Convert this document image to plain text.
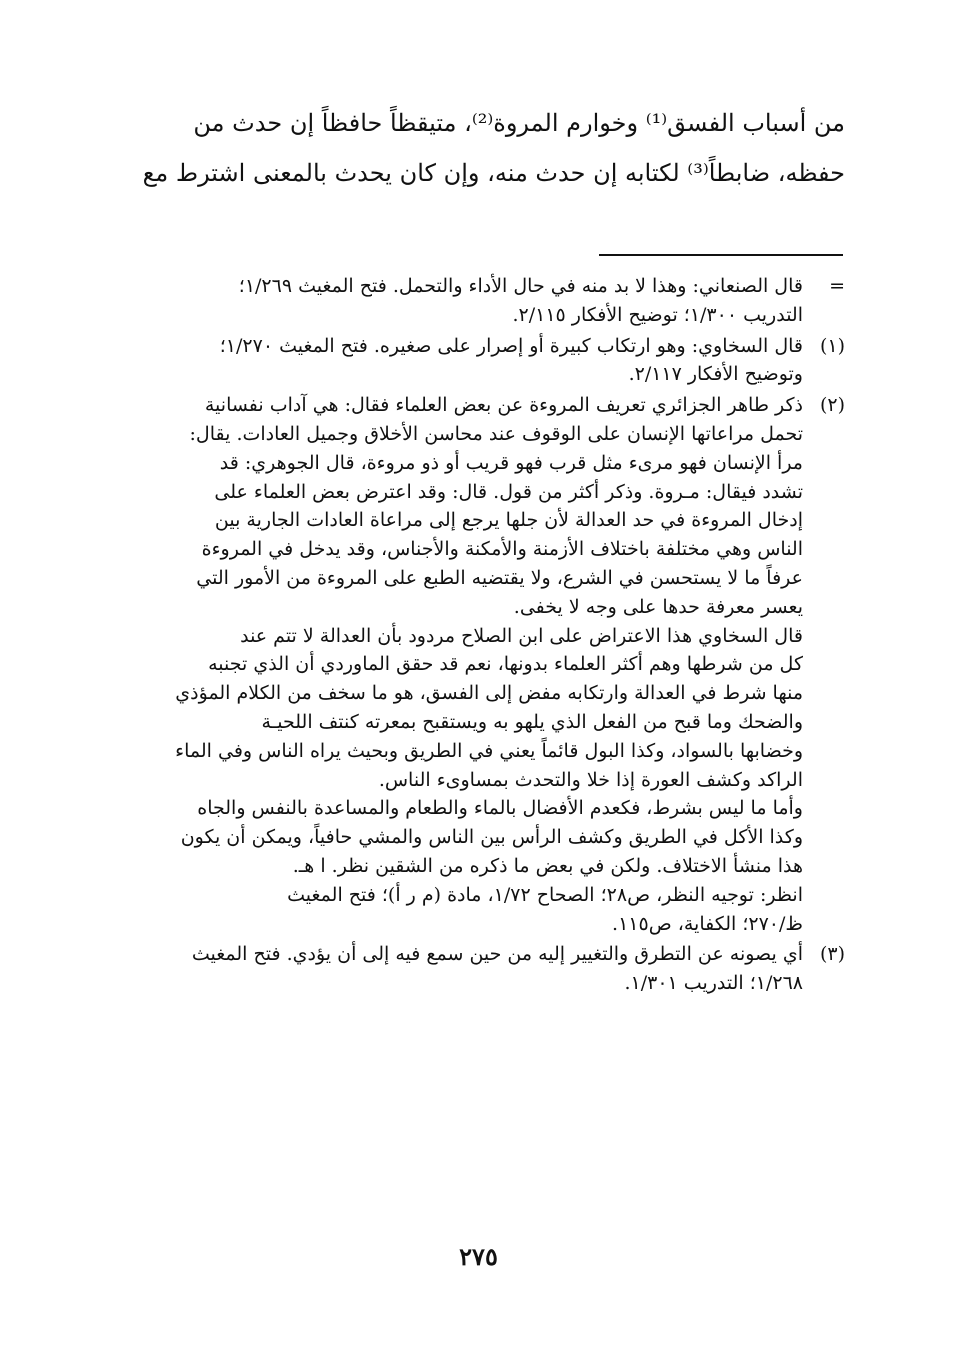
من أسباب الفسق⁽¹⁾ وخوارم المروة⁽²⁾، متيقظاً حافظاً إن حدث من
حفظه، ضابطاً⁽³⁾ لكتابه إن حدث منه، وإن كان يحدث بالمعنى اشترط مع
=
قال الصنعاني: وهذا لا بد منه في حال الأداء والتحمل. فتح المغيث ١/٢٦٩؛
التدريب ١/٣٠٠؛ توضيح الأفكار ٢/١١٥.
(١)
قال السخاوي: وهو ارتكاب كبيرة أو إصرار على صغيره. فتح المغيث ١/٢٧٠؛
وتوضيح الأفكار ٢/١١٧.
(٢)
ذكر طاهر الجزائري تعريف المروءة عن بعض العلماء فقال: هي آداب نفسانية
تحمل مراعاتها الإنسان على الوقوف عند محاسن الأخلاق وجميل العادات. يقال:
مرأ الإنسان فهو مرىء مثل قرب فهو قريب أو ذو مروءة، قال الجوهري: قد
تشدد فيقال: مـروة. وذكر أكثر من قول. قال: وقد اعترض بعض العلماء على
إدخال المروءة في حد العدالة لأن جلها يرجع إلى مراعاة العادات الجارية بين
الناس وهي مختلفة باختلاف الأزمنة والأمكنة والأجناس، وقد يدخل في المروءة
عرفاً ما لا يستحسن في الشرع، ولا يقتضيه الطبع على المروءة من الأمور التي
يعسر معرفة حدها على وجه لا يخفى.
قال السخاوي هذا الاعتراض على ابن الصلاح مردود بأن العدالة لا تتم عند
كل من شرطها وهم أكثر العلماء بدونها، نعم قد حقق الماوردي أن الذي تجنبه
منها شرط في العدالة وارتكابه مفض إلى الفسق، هو ما سخف من الكلام المؤذي
والضحك وما قبح من الفعل الذي يلهو به ويستقبح بمعرته كنتف اللحيـة
وخضابها بالسواد، وكذا البول قائماً يعني في الطريق وبحيث يراه الناس وفي الماء
الراكد وكشف العورة إذا خلا والتحدث بمساوىء الناس.
وأما ما ليس بشرط، فكعدم الأفضال بالماء والطعام والمساعدة بالنفس والجاه
وكذا الأكل في الطريق وكشف الرأس بين الناس والمشي حافياً، ويمكن أن يكون
هذا منشأ الاختلاف. ولكن في بعض ما ذكره من الشقين نظر. ا هـ.
انظر: توجيه النظر، ص٢٨؛ الصحاح ١/٧٢، مادة (م ر أ)؛ فتح المغيث
ظ/٢٧٠؛ الكفاية، ص١١٥.
(٣)
أي يصونه عن التطرق والتغيير إليه من حين سمع فيه إلى أن يؤدي. فتح المغيث
١/٢٦٨؛ التدريب ١/٣٠١.
٢٧٥
